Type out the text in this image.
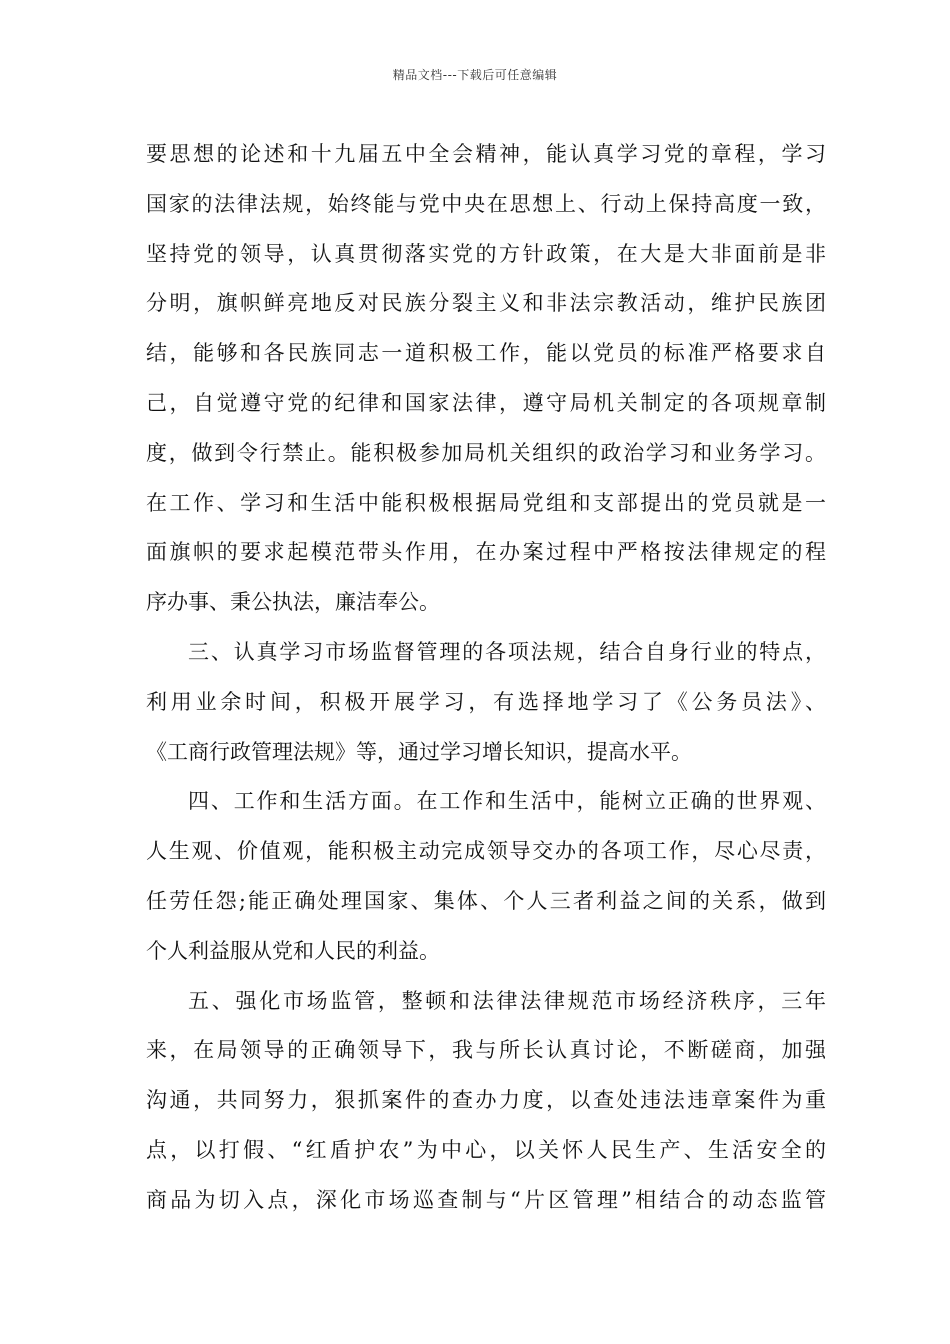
精品文档---下载后可任意编辑
要思想的论述和十九届五中全会精神，能认真学习党的章程，学习
国家的法律法规，始终能与党中央在思想上、行动上保持高度一致，
坚持党的领导，认真贯彻落实党的方针政策，在大是大非面前是非
分明，旗帜鲜亮地反对民族分裂主义和非法宗教活动，维护民族团
结，能够和各民族同志一道积极工作，能以党员的标准严格要求自
己，自觉遵守党的纪律和国家法律，遵守局机关制定的各项规章制
度，做到令行禁止。能积极参加局机关组织的政治学习和业务学习。
在工作、学习和生活中能积极根据局党组和支部提出的党员就是一
面旗帜的要求起模范带头作用，在办案过程中严格按法律规定的程
序办事、秉公执法，廉洁奉公。
三、认真学习市场监督管理的各项法规，结合自身行业的特点，
利用业余时间，积极开展学习，有选择地学习了《公务员法》、
《工商行政管理法规》等，通过学习增长知识，提高水平。
四、工作和生活方面。在工作和生活中，能树立正确的世界观、
人生观、价值观，能积极主动完成领导交办的各项工作，尽心尽责，
任劳任怨;能正确处理国家、集体、个人三者利益之间的关系，做到
个人利益服从党和人民的利益。
五、强化市场监管，整顿和法律法律规范市场经济秩序，三年
来，在局领导的正确领导下，我与所长认真讨论，不断磋商，加强
沟通，共同努力，狠抓案件的查办力度，以查处违法违章案件为重
点，以打假、“红盾护农”为中心，以关怀人民生产、生活安全的
商品为切入点，深化市场巡查制与“片区管理”相结合的动态监管
